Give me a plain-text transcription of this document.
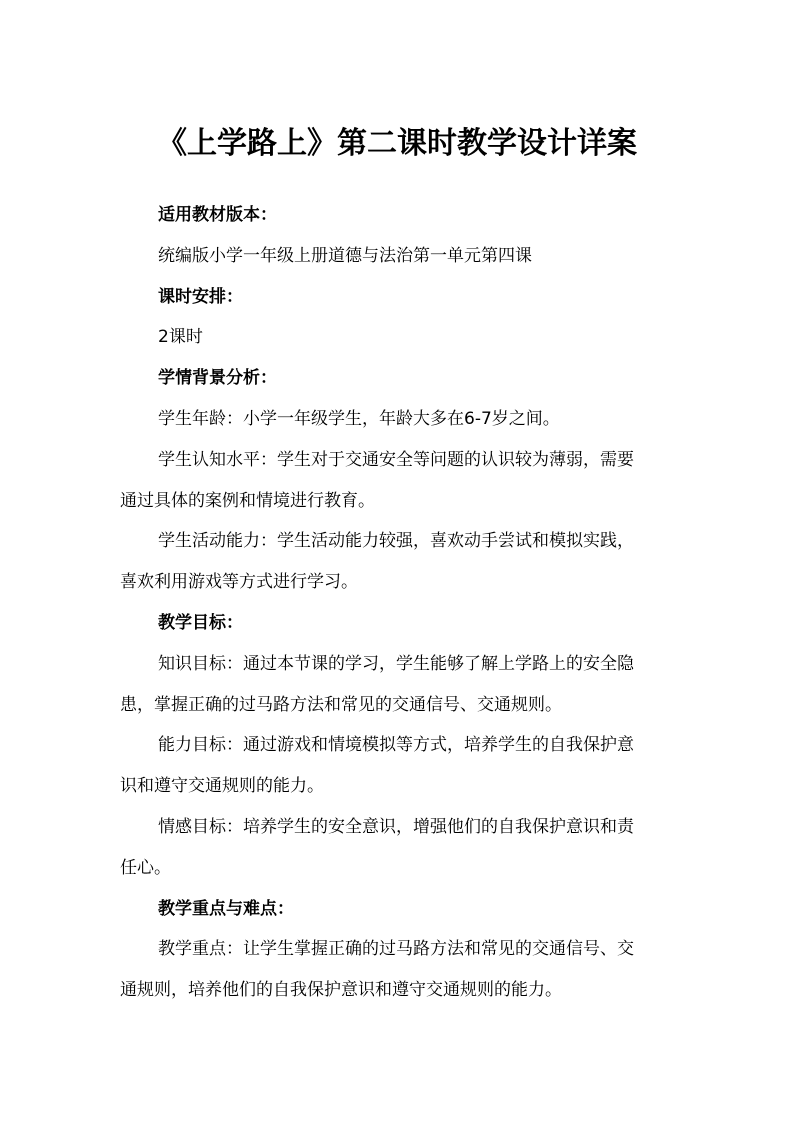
《上学路上》第二课时教学设计详案
适用教材版本：
统编版小学一年级上册道德与法治第一单元第四课
课时安排：
2课时
学情背景分析：
学生年龄：小学一年级学生，年龄大多在6-7岁之间。
学生认知水平：学生对于交通安全等问题的认识较为薄弱，需要
通过具体的案例和情境进行教育。
学生活动能力：学生活动能力较强，喜欢动手尝试和模拟实践，
喜欢利用游戏等方式进行学习。
教学目标：
知识目标：通过本节课的学习，学生能够了解上学路上的安全隐
患，掌握正确的过马路方法和常见的交通信号、交通规则。
能力目标：通过游戏和情境模拟等方式，培养学生的自我保护意
识和遵守交通规则的能力。
情感目标：培养学生的安全意识，增强他们的自我保护意识和责
任心。
教学重点与难点：
教学重点：让学生掌握正确的过马路方法和常见的交通信号、交
通规则，培养他们的自我保护意识和遵守交通规则的能力。
